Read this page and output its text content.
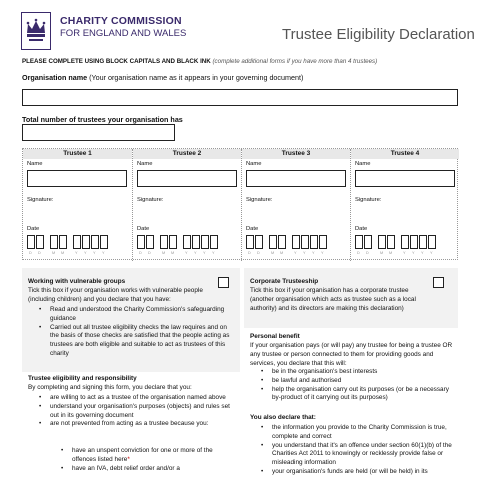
CHARITY COMMISSION
FOR ENGLAND AND WALES	Trustee Eligibility Declaration
PLEASE COMPLETE USING BLOCK CAPITALS AND BLACK INK (complete additional forms if you have more than 4 trustees)
Organisation name (Your organisation name as it appears in your governing document)
Total number of trustees your organisation has
Trustee 1
Name
Signature:
Date
D D	M M	Y Y Y Y
Trustee 2
Name
Signature:
Date
D D	M M	Y Y Y Y
Trustee 3
Name
Signature:
Date
D D	M M	Y Y Y Y
Trustee 4
Name
Signature:
Date
D D	M M	Y Y Y Y
Working with vulnerable groups
Tick this box if your organisation works with vulnerable people (including children) and you declare that you have:
• Read and understood the Charity Commission's safeguarding guidance
• Carried out all trustee eligibility checks the law requires and on the basis of those checks are satisfied that the people acting as trustees are both eligible and suitable to act as trustees of this charity
Trustee eligibility and responsibility
By completing and signing this form, you declare that you:
• are willing to act as a trustee of the organisation named above
• understand your organisation's purposes (objects) and rules set out in its governing document
• are not prevented from acting as a trustee because you:
• have an unspent conviction for one or more of the offences listed here*
• have an IVA, debt relief order and/or a
Corporate Trusteeship
Tick this box if your organisation has a corporate trustee (another organisation which acts as trustee such as a local authority) and its directors are making this declaration)
Personal benefit
If your organisation pays (or will pay) any trustee for being a trustee OR any trustee or person connected to them for providing goods and services, you declare that this will:
• be in the organisation's best interests
• be lawful and authorised
• help the organisation carry out its purposes (or be a necessary by-product of it carrying out its purposes)
You also declare that:
• the information you provide to the Charity Commission is true, complete and correct
• you understand that it's an offence under section 60(1)(b) of the Charities Act 2011 to knowingly or recklessly provide false or misleading information
• your organisation's funds are held (or will be held) in its
